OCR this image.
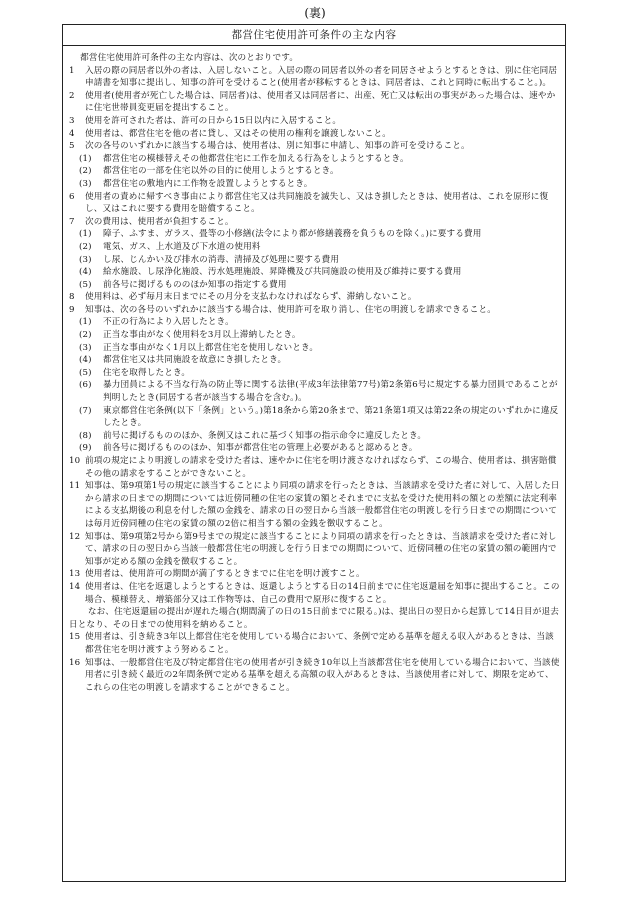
(裏)
都営住宅使用許可条件の主な内容

都営住宅使用許可条件の主な内容は、次のとおりです。

1	入居の際の同居者以外の者は、入居しないこと。入居の際の同居者以外の者を同居させようとするときは、別に住宅同居申請書を知事に提出し、知事の許可を受けること(使用者が移転するときは、同居者は、これと同時に転出すること。)。
2	使用者(使用者が死亡した場合は、同居者)は、使用者又は同居者に、出産、死亡又は転出の事実があった場合は、速やかに住宅世帯員変更届を提出すること。
3	使用を許可された者は、許可の日から15日以内に入居すること。
4	使用者は、都営住宅を他の者に貸し、又はその使用の権利を譲渡しないこと。
5	次の各号のいずれかに該当する場合は、使用者は、別に知事に申請し、知事の許可を受けること。
(1)	都営住宅の模様替えその他都営住宅に工作を加える行為をしようとするとき。
(2)	都営住宅の一部を住宅以外の目的に使用しようとするとき。
(3)	都営住宅の敷地内に工作物を設置しようとするとき。
6	使用者の責めに帰すべき事由により都営住宅又は共同施設を滅失し、又はき損したときは、使用者は、これを原形に復し、又はこれに要する費用を賠償すること。
7	次の費用は、使用者が負担すること。
(1)	障子、ふすま、ガラス、畳等の小修繕(法令により都が修繕義務を負うものを除く。)に要する費用
(2)	電気、ガス、上水道及び下水道の使用料
(3)	し尿、じんかい及び排水の消毒、清掃及び処理に要する費用
(4)	給水施設、し尿浄化施設、汚水処理施設、昇降機及び共同施設の使用及び維持に要する費用
(5)	前各号に掲げるもののほか知事の指定する費用
8	使用料は、必ず毎月末日までにその月分を支払わなければならず、滞納しないこと。
9	知事は、次の各号のいずれかに該当する場合は、使用許可を取り消し、住宅の明渡しを請求できること。
(1)	不正の行為により入居したとき。
(2)	正当な事由がなく使用料を3月以上滞納したとき。
(3)	正当な事由がなく1月以上都営住宅を使用しないとき。
(4)	都営住宅又は共同施設を故意にき損したとき。
(5)	住宅を取得したとき。
(6)	暴力団員による不当な行為の防止等に関する法律(平成3年法律第77号)第2条第6号に規定する暴力団員であることが判明したとき(同居する者が該当する場合を含む。)。
(7)	東京都営住宅条例(以下「条例」という。)第18条から第20条まで、第21条第1項又は第22条の規定のいずれかに違反したとき。
(8)	前号に掲げるもののほか、条例又はこれに基づく知事の指示命令に違反したとき。
(9)	前各号に掲げるもののほか、知事が都営住宅の管理上必要があると認めるとき。
10 前項の規定により明渡しの請求を受けた者は、速やかに住宅を明け渡さなければならず、この場合、使用者は、損害賠償その他の請求をすることができないこと。
11 知事は、第9項第1号の規定に該当することにより同項の請求を行ったときは、当該請求を受けた者に対して、入居した日から請求の日までの期間については近傍同種の住宅の家賃の額とそれまでに支払を受けた使用料の額との差額に法定利率による支払期後の利息を付した額の金銭を、請求の日の翌日から当該一般都営住宅の明渡しを行う日までの期間については毎月近傍同種の住宅の家賃の額の2倍に相当する額の金銭を徴収すること。
12 知事は、第9項第2号から第9号までの規定に該当することにより同項の請求を行ったときは、当該請求を受けた者に対して、請求の日の翌日から当該一般都営住宅の明渡しを行う日までの期間について、近傍同種の住宅の家賃の額の範囲内で知事が定める額の金銭を徴収すること。
13 使用者は、使用許可の期間が満了するときまでに住宅を明け渡すこと。
14 使用者は、住宅を返還しようとするときは、返還しようとする日の14日前までに住宅返還届を知事に提出すること。この場合、模様替え、増築部分又は工作物等は、自己の費用で原形に復すること。

なお、住宅返還届の提出が遅れた場合(期間満了の日の15日前までに限る。)は、提出日の翌日から起算して14日目が退去日となり、その日までの使用料を納めること。

15 使用者は、引き続き3年以上都営住宅を使用している場合において、条例で定める基準を超える収入があるときは、当該都営住宅を明け渡すよう努めること。
16 知事は、一般都営住宅及び特定都営住宅の使用者が引き続き10年以上当該都営住宅を使用している場合において、当該使用者に引き続く最近の2年間条例で定める基準を超える高額の収入があるときは、当該使用者に対して、期限を定めて、これらの住宅の明渡しを請求することができること。
